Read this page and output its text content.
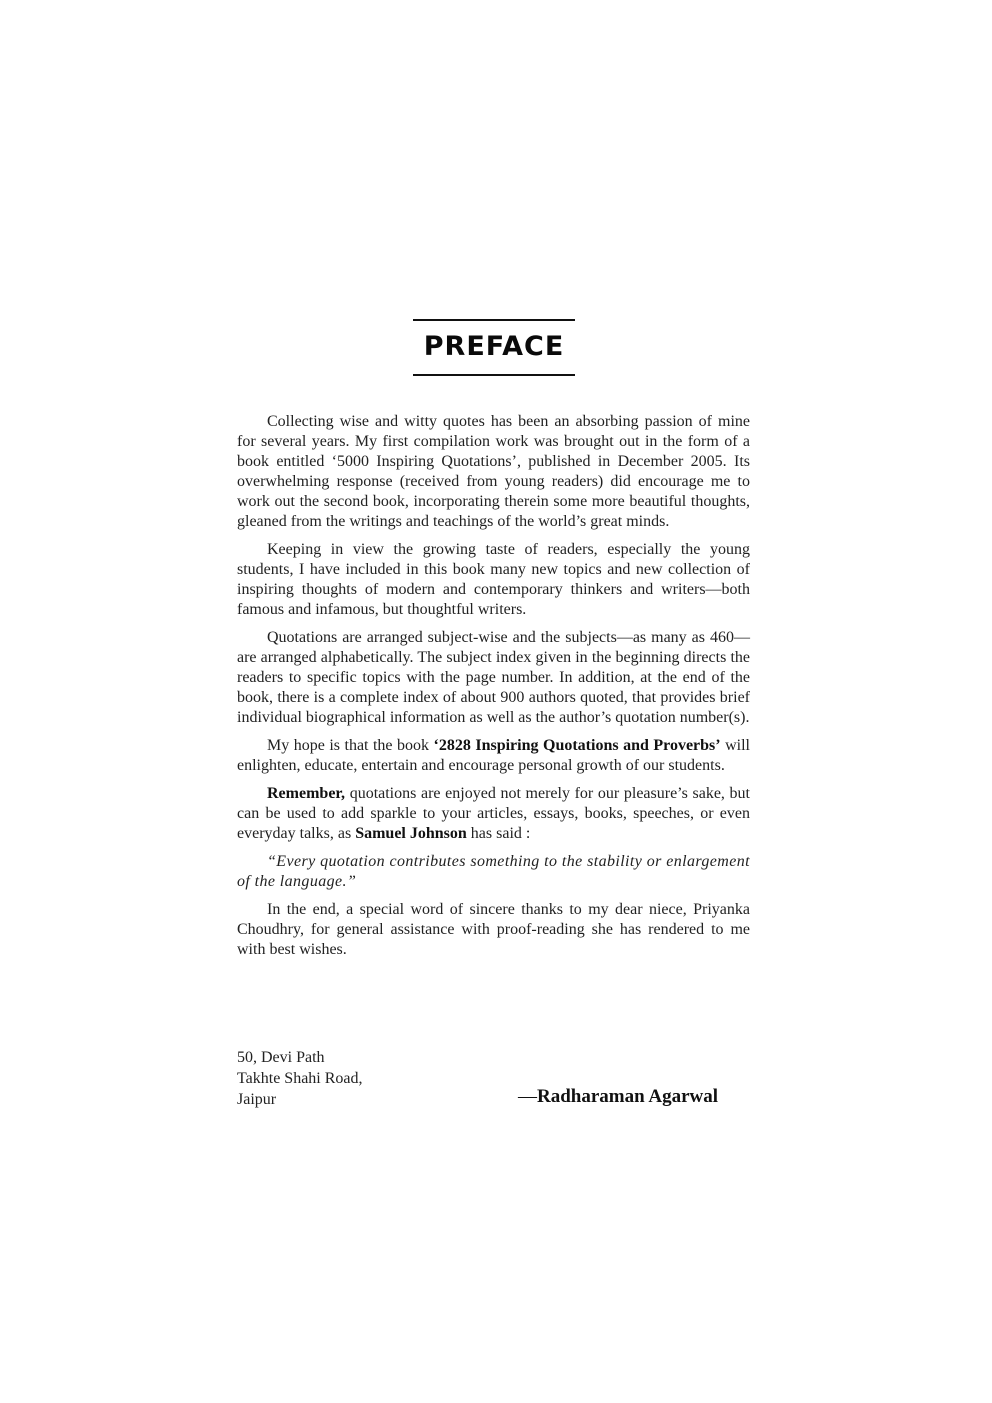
PREFACE

Collecting wise and witty quotes has been an absorbing passion of mine for several years. My first compilation work was brought out in the form of a book entitled ‘5000 Inspiring Quotations’, published in December 2005. Its overwhelming response (received from young readers) did encourage me to work out the second book, incorporating therein some more beautiful thoughts, gleaned from the writings and teachings of the world’s great minds.

Keeping in view the growing taste of readers, especially the young students, I have included in this book many new topics and new collection of inspiring thoughts of modern and contemporary thinkers and writers—both famous and infamous, but thoughtful writers.

Quotations are arranged subject-wise and the subjects—as many as 460—are arranged alphabetically. The subject index given in the beginning directs the readers to specific topics with the page number. In addition, at the end of the book, there is a complete index of about 900 authors quoted, that provides brief individual biographical information as well as the author’s quotation number(s).

My hope is that the book ‘2828 Inspiring Quotations and Proverbs’ will enlighten, educate, entertain and encourage personal growth of our students.

Remember, quotations are enjoyed not merely for our pleasure’s sake, but can be used to add sparkle to your articles, essays, books, speeches, or even everyday talks, as Samuel Johnson has said :

“Every quotation contributes something to the stability or enlargement of the language.”

In the end, a special word of sincere thanks to my dear niece, Priyanka Choudhry, for general assistance with proof-reading she has rendered to me with best wishes.

50, Devi Path
Takhte Shahi Road,
Jaipur	—Radharaman Agarwal
